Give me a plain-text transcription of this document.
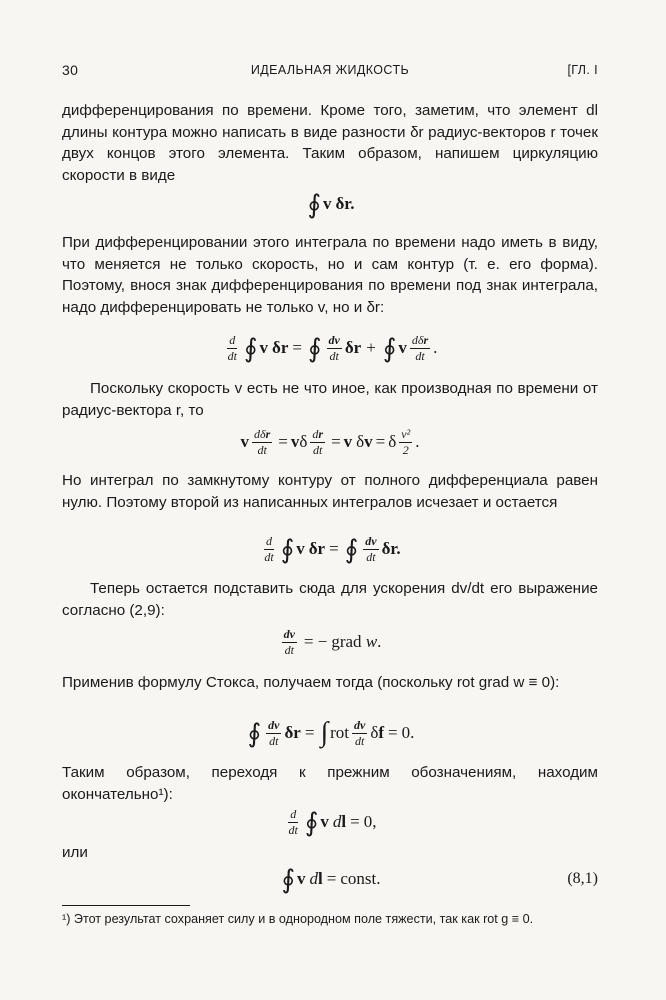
30	ИДЕАЛЬНАЯ ЖИДКОСТЬ	[ГЛ. I
дифференцирования по времени. Кроме того, заметим, что элемент dl длины контура можно написать в виде разности δr радиус-векторов r точек двух концов этого элемента. Таким образом, напишем циркуляцию скорости в виде
∮ v δr.
При дифференцировании этого интеграла по времени надо иметь в виду, что меняется не только скорость, но и сам контур (т. е. его форма). Поэтому, внося знак дифференцирования по времени под знак интеграла, надо дифференцировать не только v, но и δr:
$\frac{d}{dt}$ ∮ v δr = ∮ $\frac{dv}{dt}$ δr + ∮ v $\frac{\text{dδr}}{dt}$ .
Поскольку скорость v есть не что иное, как производная по времени от радиус-вектора r, то
v $\frac{\text{dδr}}{dt} = v$ δ $\frac{dr}{dt} = v$ δ v = δ $\frac{\text{v²}}{2}$ .
Но интеграл по замкнутому контуру от полного дифференциала равен нулю. Поэтому второй из написанных интегралов исчезает и остается
$\frac{d}{dt}$ ∮ v δr = ∮ $\frac{dv}{dt} \delta r$.
Теперь остается подставить сюда для ускорения dv/dt его выражение согласно (2,9):
$\frac{dv}{dt}$ = − grad w.
Применив формулу Стокса, получаем тогда (поскольку rot grad w ≡ 0):
∮ $\frac{dv}{dt}$ δr = ∫ rot $\frac{dv}{dt}$ δf = 0.
Таким образом, переходя к прежним обозначениям, находим окончательно¹):
$\frac{d}{dt}$ ∮ v d l = 0,
или
∮ v d l = const.	(8,1)
¹) Этот результат сохраняет силу и в однородном поле тяжести, так как rot g ≡ 0.
